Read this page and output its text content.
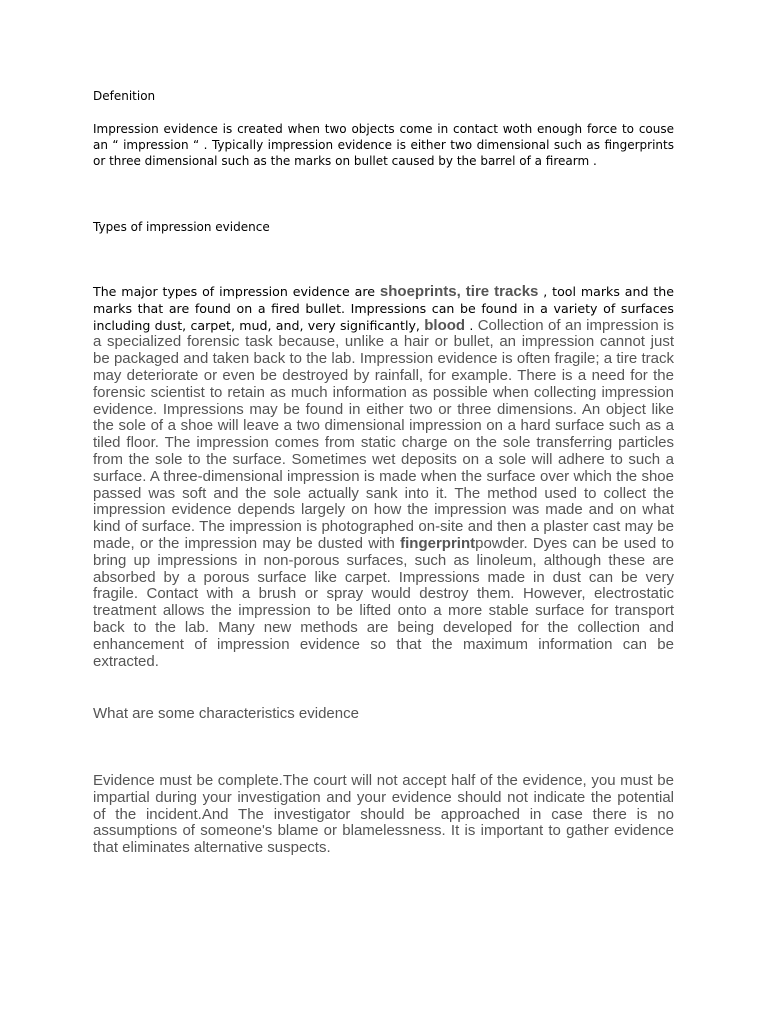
Defenition
Impression evidence is created when two objects come in contact woth enough force to couse an “ impression “ . Typically impression evidence is either two dimensional such as fingerprints or three dimensional such as the marks on bullet caused by the barrel of a firearm .
Types of impression evidence
The major types of impression evidence are shoeprints, tire tracks , tool marks and the marks that are found on a fired bullet. Impressions can be found in a variety of surfaces including dust, carpet, mud, and, very significantly, blood . Collection of an impression is a specialized forensic task because, unlike a hair or bullet, an impression cannot just be packaged and taken back to the lab. Impression evidence is often fragile; a tire track may deteriorate or even be destroyed by rainfall, for example. There is a need for the forensic scientist to retain as much information as possible when collecting impression evidence. Impressions may be found in either two or three dimensions. An object like the sole of a shoe will leave a two dimensional impression on a hard surface such as a tiled floor. The impression comes from static charge on the sole transferring particles from the sole to the surface. Sometimes wet deposits on a sole will adhere to such a surface. A three-dimensional impression is made when the surface over which the shoe passed was soft and the sole actually sank into it. The method used to collect the impression evidence depends largely on how the impression was made and on what kind of surface. The impression is photographed on-site and then a plaster cast may be made, or the impression may be dusted with fingerprintpowder. Dyes can be used to bring up impressions in non-porous surfaces, such as linoleum, although these are absorbed by a porous surface like carpet. Impressions made in dust can be very fragile. Contact with a brush or spray would destroy them. However, electrostatic treatment allows the impression to be lifted onto a more stable surface for transport back to the lab. Many new methods are being developed for the collection and enhancement of impression evidence so that the maximum information can be extracted.
What are some characteristics evidence
Evidence must be complete.The court will not accept half of the evidence, you must be impartial during your investigation and your evidence should not indicate the potential of the incident.And The investigator should be approached in case there is no assumptions of someone's blame or blamelessness. It is important to gather evidence that eliminates alternative suspects.
